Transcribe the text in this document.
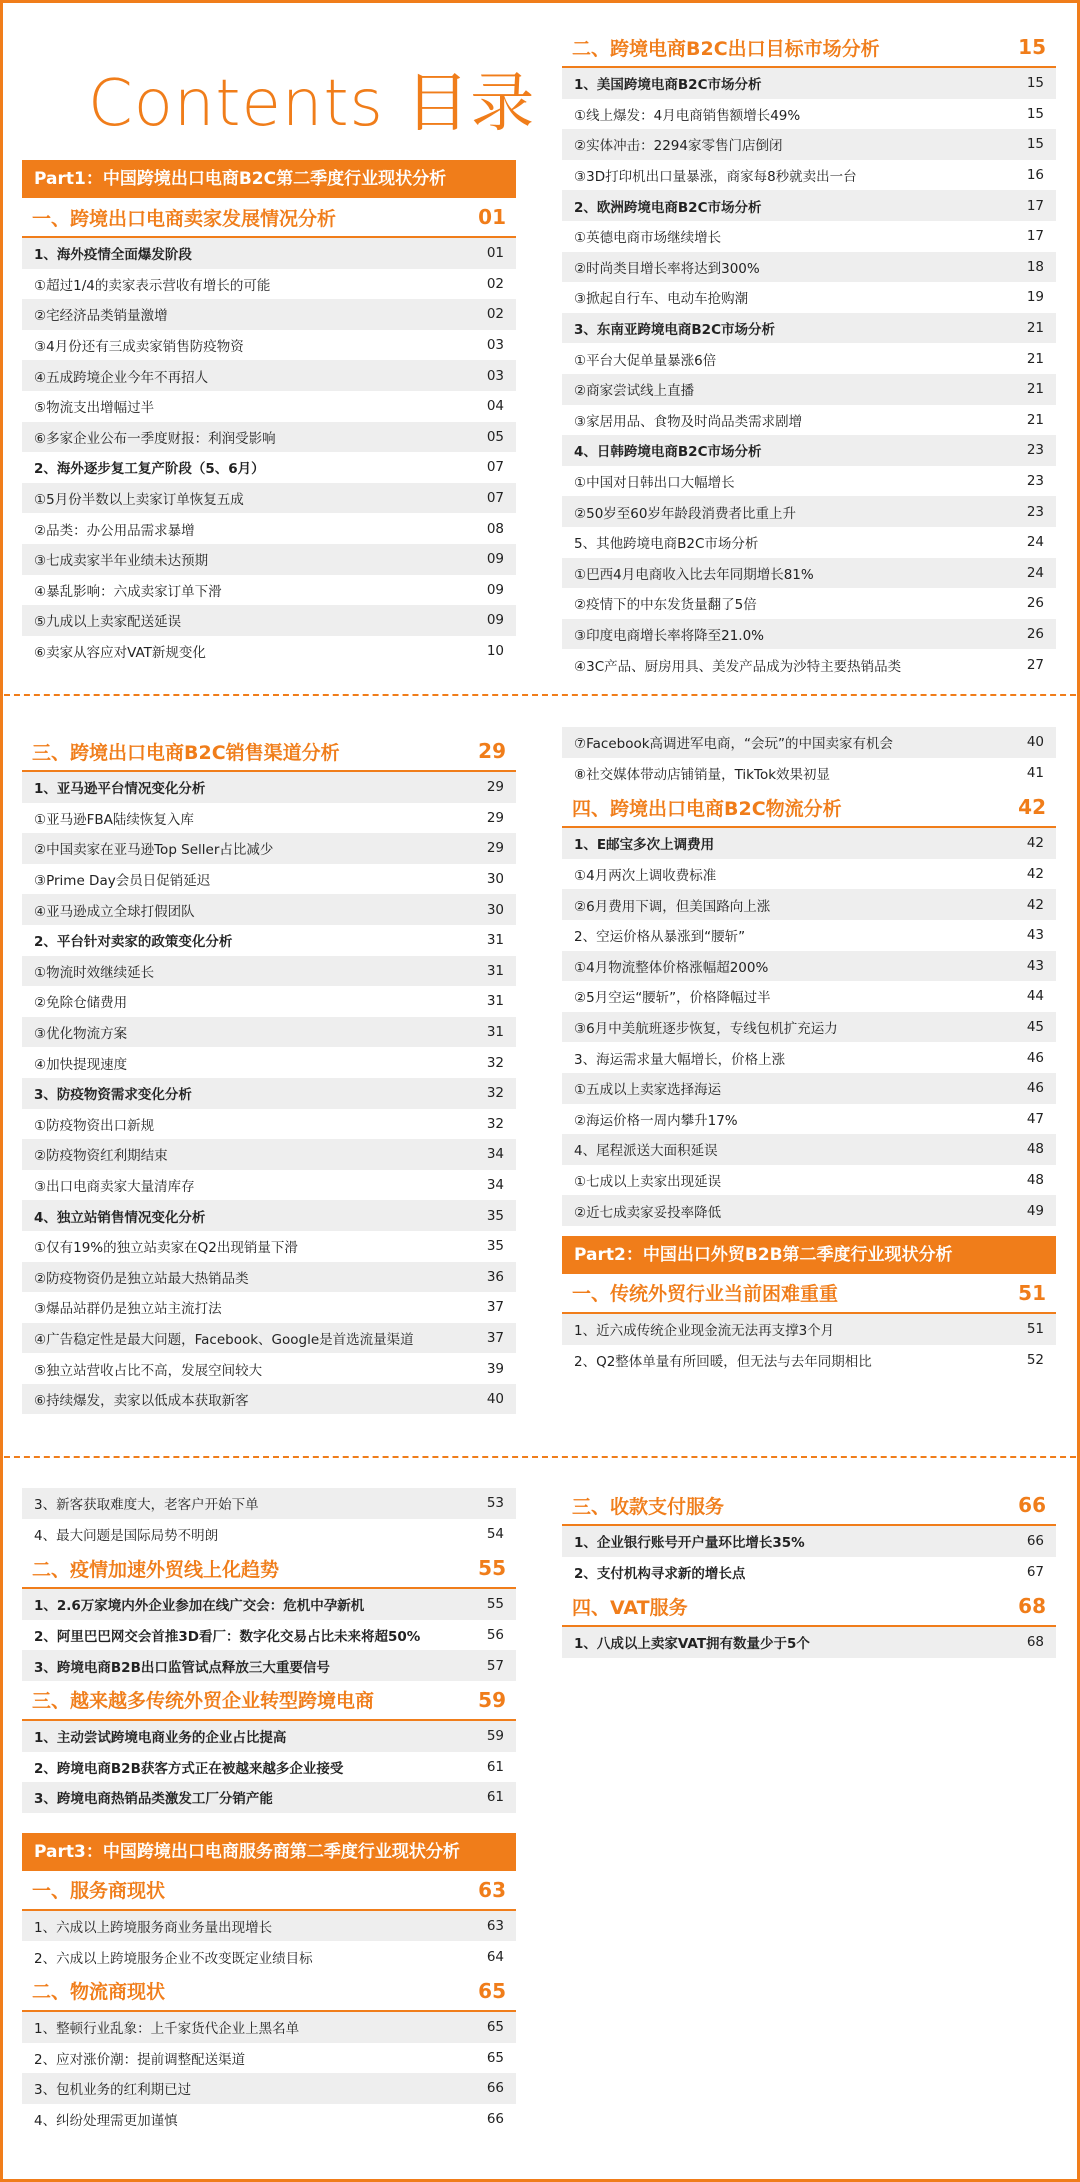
Contents 目录
Part1：中国跨境出口电商B2C第二季度行业现状分析
一、跨境出口电商卖家发展情况分析	01
1、海外疫情全面爆发阶段	01
①超过1/4的卖家表示营收有增长的可能	02
②宅经济品类销量激增	02
③4月份还有三成卖家销售防疫物资	03
④五成跨境企业今年不再招人	03
⑤物流支出增幅过半	04
⑥多家企业公布一季度财报：利润受影响	05
2、海外逐步复工复产阶段（5、6月）	07
①5月份半数以上卖家订单恢复五成	07
②品类：办公用品需求暴增	08
③七成卖家半年业绩未达预期	09
④暴乱影响：六成卖家订单下滑	09
⑤九成以上卖家配送延误	09
⑥卖家从容应对VAT新规变化	10
二、跨境电商B2C出口目标市场分析	15
1、美国跨境电商B2C市场分析	15
①线上爆发：4月电商销售额增长49%	15
②实体冲击：2294家零售门店倒闭	15
③3D打印机出口量暴涨，商家每8秒就卖出一台	16
2、欧洲跨境电商B2C市场分析	17
①英德电商市场继续增长	17
②时尚类目增长率将达到300%	18
③掀起自行车、电动车抢购潮	19
3、东南亚跨境电商B2C市场分析	21
①平台大促单量暴涨6倍	21
②商家尝试线上直播	21
③家居用品、食物及时尚品类需求剧增	21
4、日韩跨境电商B2C市场分析	23
①中国对日韩出口大幅增长	23
②50岁至60岁年龄段消费者比重上升	23
5、其他跨境电商B2C市场分析	24
①巴西4月电商收入比去年同期增长81%	24
②疫情下的中东发货量翻了5倍	26
③印度电商增长率将降至21.0%	26
④3C产品、厨房用具、美发产品成为沙特主要热销品类	27
三、跨境出口电商B2C销售渠道分析	29
1、亚马逊平台情况变化分析	29
①亚马逊FBA陆续恢复入库	29
②中国卖家在亚马逊Top Seller占比减少	29
③Prime Day会员日促销延迟	30
④亚马逊成立全球打假团队	30
2、平台针对卖家的政策变化分析	31
①物流时效继续延长	31
②免除仓储费用	31
③优化物流方案	31
④加快提现速度	32
3、防疫物资需求变化分析	32
①防疫物资出口新规	32
②防疫物资红利期结束	34
③出口电商卖家大量清库存	34
4、独立站销售情况变化分析	35
①仅有19%的独立站卖家在Q2出现销量下滑	35
②防疫物资仍是独立站最大热销品类	36
③爆品站群仍是独立站主流打法	37
④广告稳定性是最大问题，Facebook、Google是首选流量渠道	37
⑤独立站营收占比不高，发展空间较大	39
⑥持续爆发，卖家以低成本获取新客	40
⑦Facebook高调进军电商，“会玩”的中国卖家有机会	40
⑧社交媒体带动店铺销量，TikTok效果初显	41
四、跨境出口电商B2C物流分析	42
1、E邮宝多次上调费用	42
①4月两次上调收费标准	42
②6月费用下调，但美国路向上涨	42
2、空运价格从暴涨到“腰斩”	43
①4月物流整体价格涨幅超200%	43
②5月空运“腰斩”，价格降幅过半	44
③6月中美航班逐步恢复，专线包机扩充运力	45
3、海运需求量大幅增长，价格上涨	46
①五成以上卖家选择海运	46
②海运价格一周内攀升17%	47
4、尾程派送大面积延误	48
①七成以上卖家出现延误	48
②近七成卖家妥投率降低	49
Part2：中国出口外贸B2B第二季度行业现状分析
一、传统外贸行业当前困难重重	51
1、近六成传统企业现金流无法再支撑3个月	51
2、Q2整体单量有所回暖，但无法与去年同期相比	52
3、新客获取难度大，老客户开始下单	53
4、最大问题是国际局势不明朗	54
二、疫情加速外贸线上化趋势	55
1、2.6万家境内外企业参加在线广交会：危机中孕新机	55
2、阿里巴巴网交会首推3D看厂：数字化交易占比未来将超50%	56
3、跨境电商B2B出口监管试点释放三大重要信号	57
三、越来越多传统外贸企业转型跨境电商	59
1、主动尝试跨境电商业务的企业占比提高	59
2、跨境电商B2B获客方式正在被越来越多企业接受	61
3、跨境电商热销品类激发工厂分销产能	61
Part3：中国跨境出口电商服务商第二季度行业现状分析
一、服务商现状	63
1、六成以上跨境服务商业务量出现增长	63
2、六成以上跨境服务企业不改变既定业绩目标	64
二、物流商现状	65
1、整顿行业乱象：上千家货代企业上黑名单	65
2、应对涨价潮：提前调整配送渠道	65
3、包机业务的红利期已过	66
4、纠纷处理需更加谨慎	66
三、收款支付服务	66
1、企业银行账号开户量环比增长35%	66
2、支付机构寻求新的增长点	67
四、VAT服务	68
1、八成以上卖家VAT拥有数量少于5个	68
